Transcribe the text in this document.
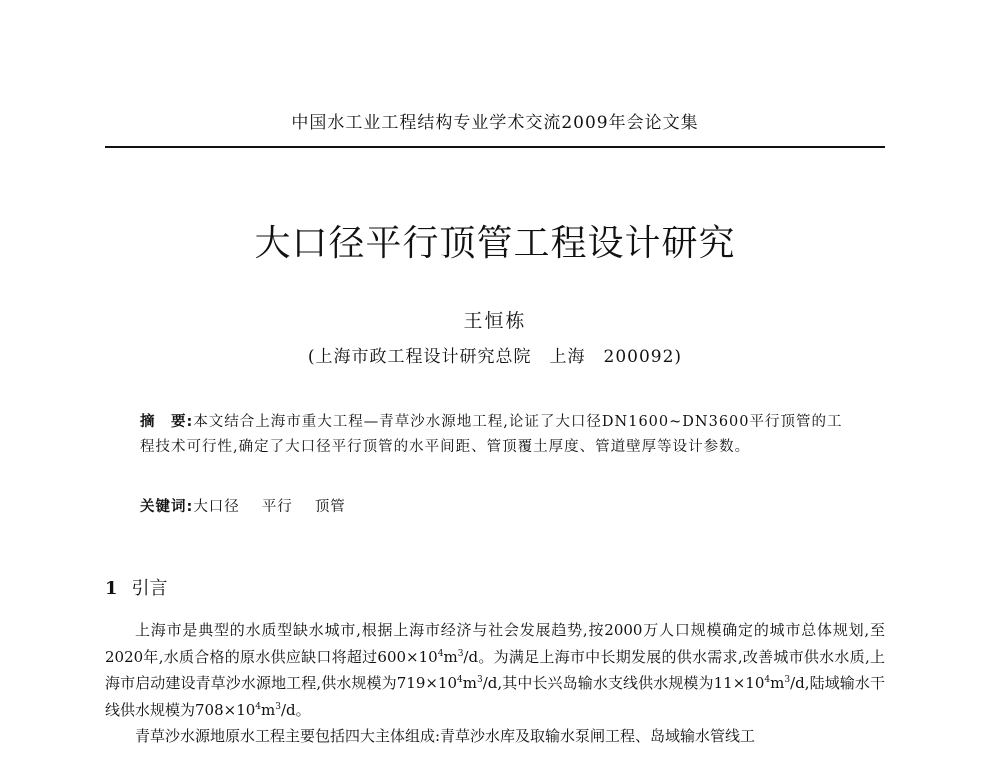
中国水工业工程结构专业学术交流2009年会论文集
大口径平行顶管工程设计研究
王恒栋
(上海市政工程设计研究总院　上海　200092)
摘　要:本文结合上海市重大工程—青草沙水源地工程,论证了大口径DN1600~DN3600平行顶管的工程技术可行性,确定了大口径平行顶管的水平间距、管顶覆土厚度、管道壁厚等设计参数。
关键词:大口径 平行 顶管
1 引言

上海市是典型的水质型缺水城市,根据上海市经济与社会发展趋势,按2000万人口规模确定的城市总体规划,至2020年,水质合格的原水供应缺口将超过$600\times 10^4m^3/d$。为满足上海市中长期发展的供水需求,改善城市供水水质,上海市启动建设青草沙水源地工程,供水规模为$719\times 10^4m^3/d$,其中长兴岛输水支线供水规模为$11\times 10^4m^3/d$,陆域输水干线供水规模为$708\times 10^4m^3/d$。

青草沙水源地原水工程主要包括四大主体组成:青草沙水库及取输水泵闸工程、岛域输水管线工
